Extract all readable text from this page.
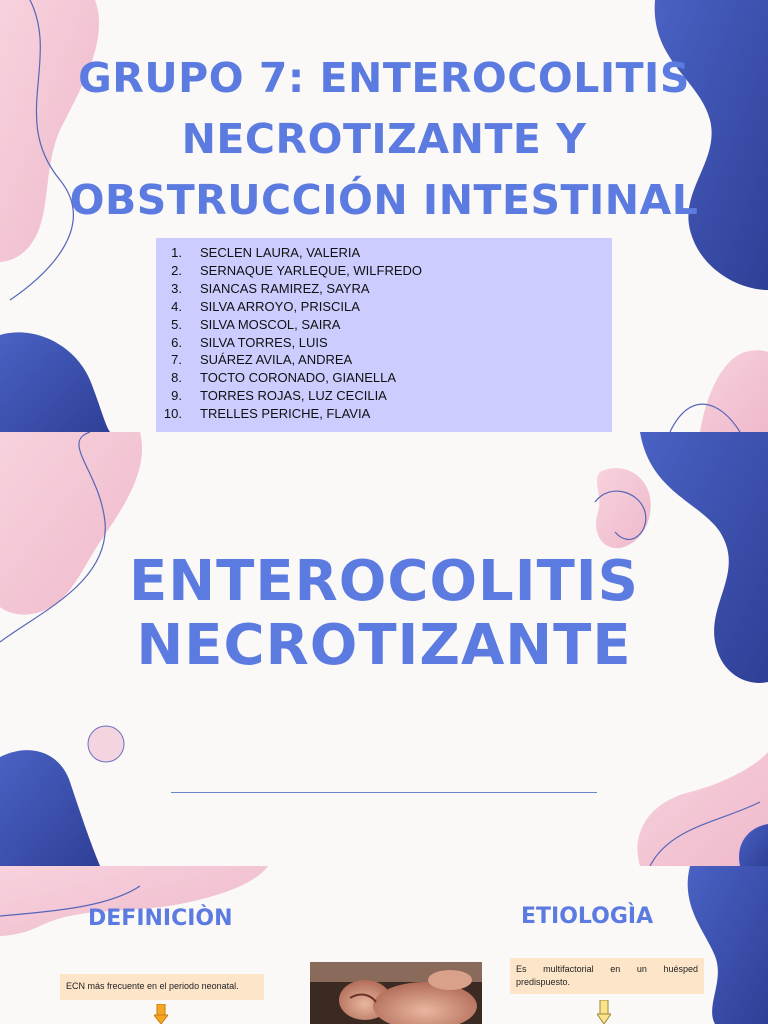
GRUPO 7: ENTEROCOLITIS
NECROTIZANTE Y
OBSTRUCCIÓN INTESTINAL
1. SECLEN LAURA, VALERIA
2. SERNAQUE YARLEQUE, WILFREDO
3. SIANCAS RAMIREZ, SAYRA
4. SILVA ARROYO, PRISCILA
5. SILVA MOSCOL, SAIRA
6. SILVA TORRES, LUIS
7. SUÁREZ AVILA, ANDREA
8. TOCTO CORONADO, GIANELLA
9. TORRES ROJAS, LUZ CECILIA
10. TRELLES PERICHE, FLAVIA
ENTEROCOLITIS
NECROTIZANTE
DEFINICIÒN	ETIOLOGÌA
ECN más frecuente en el periodo neonatal.
Es multifactorial en un huésped predispuesto.
